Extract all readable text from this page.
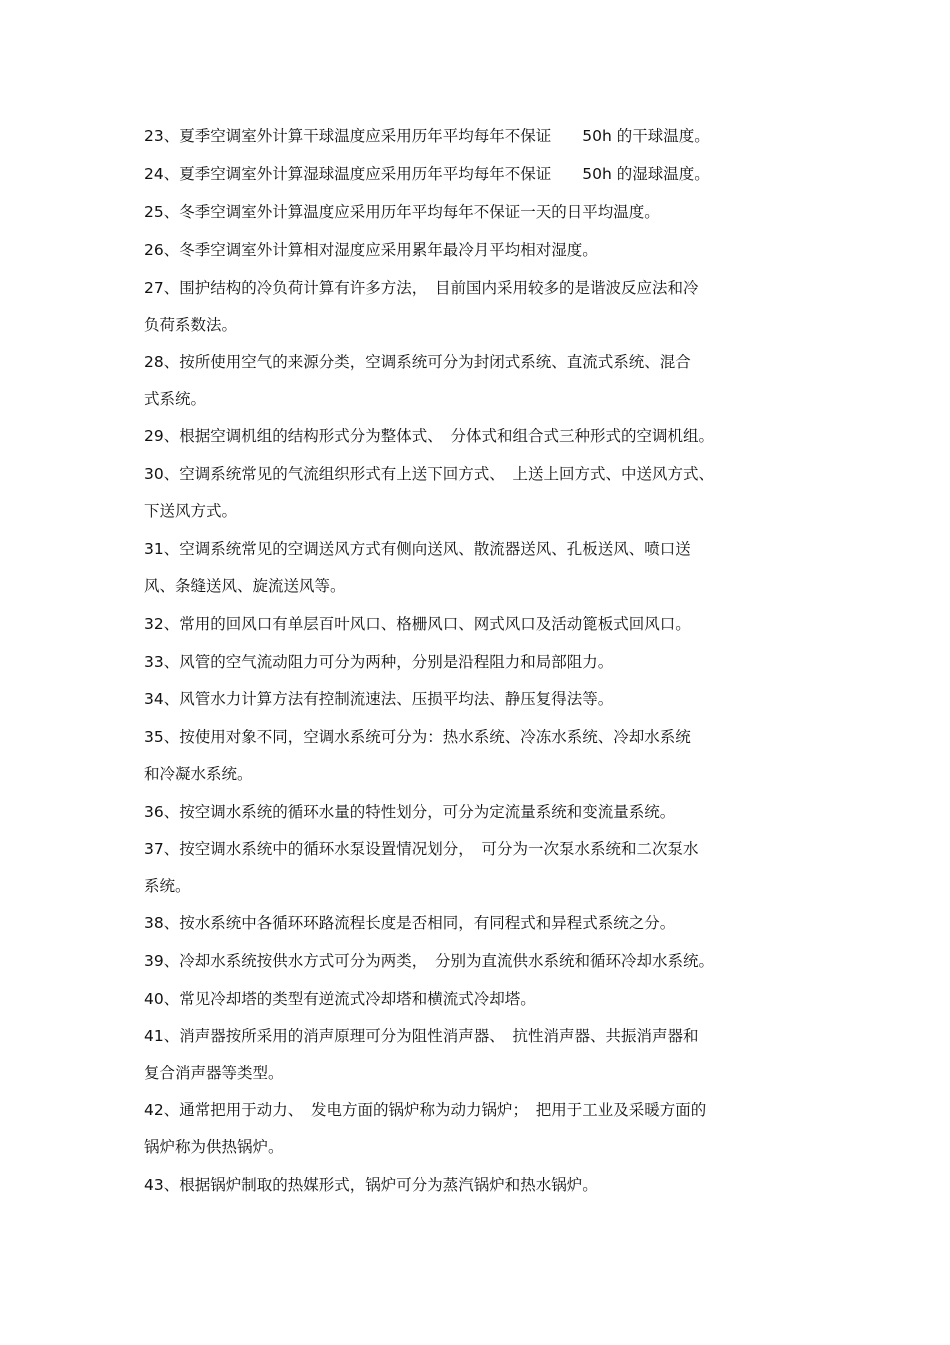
23、夏季空调室外计算干球温度应采用历年平均每年不保证　　50h 的干球温度。
24、夏季空调室外计算湿球温度应采用历年平均每年不保证　　50h 的湿球温度。
25、冬季空调室外计算温度应采用历年平均每年不保证一天的日平均温度。
26、冬季空调室外计算相对湿度应采用累年最冷月平均相对湿度。
27、围护结构的冷负荷计算有许多方法，　目前国内采用较多的是谐波反应法和冷
负荷系数法。
28、按所使用空气的来源分类，空调系统可分为封闭式系统、直流式系统、混合
式系统。
29、根据空调机组的结构形式分为整体式、　分体式和组合式三种形式的空调机组。
30、空调系统常见的气流组织形式有上送下回方式、　上送上回方式、中送风方式、
下送风方式。
31、空调系统常见的空调送风方式有侧向送风、散流器送风、孔板送风、喷口送
风、条缝送风、旋流送风等。
32、常用的回风口有单层百叶风口、格栅风口、网式风口及活动篦板式回风口。
33、风管的空气流动阻力可分为两种，分别是沿程阻力和局部阻力。
34、风管水力计算方法有控制流速法、压损平均法、静压复得法等。
35、按使用对象不同，空调水系统可分为：热水系统、冷冻水系统、冷却水系统
和冷凝水系统。
36、按空调水系统的循环水量的特性划分，可分为定流量系统和变流量系统。
37、按空调水系统中的循环水泵设置情况划分，　可分为一次泵水系统和二次泵水
系统。
38、按水系统中各循环环路流程长度是否相同，有同程式和异程式系统之分。
39、冷却水系统按供水方式可分为两类，　分别为直流供水系统和循环冷却水系统。
40、常见冷却塔的类型有逆流式冷却塔和横流式冷却塔。
41、消声器按所采用的消声原理可分为阻性消声器、　抗性消声器、共振消声器和
复合消声器等类型。
42、通常把用于动力、　发电方面的锅炉称为动力锅炉；　把用于工业及采暖方面的
锅炉称为供热锅炉。
43、根据锅炉制取的热媒形式，锅炉可分为蒸汽锅炉和热水锅炉。
